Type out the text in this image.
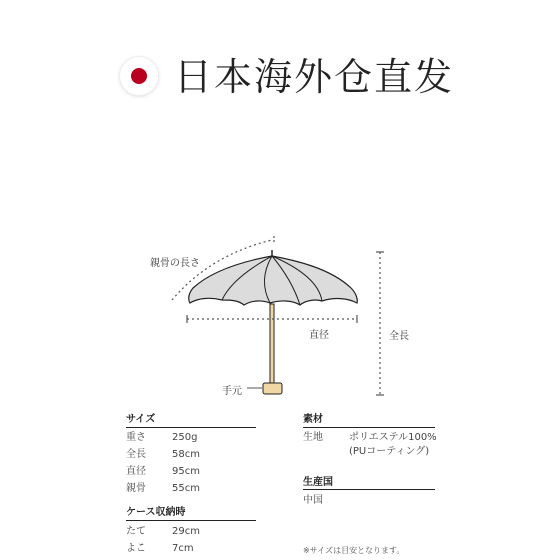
日本海外仓直发
親骨の長さ
直径	全長
手元
サイズ
重さ	250g
全長	58cm
直径	95cm
親骨	55cm
ケース収納時
たて	29cm
よこ	7cm
素材
生地	ポリエステル100%
(PUコーティング)
生産国
中国
※サイズは目安となります。
